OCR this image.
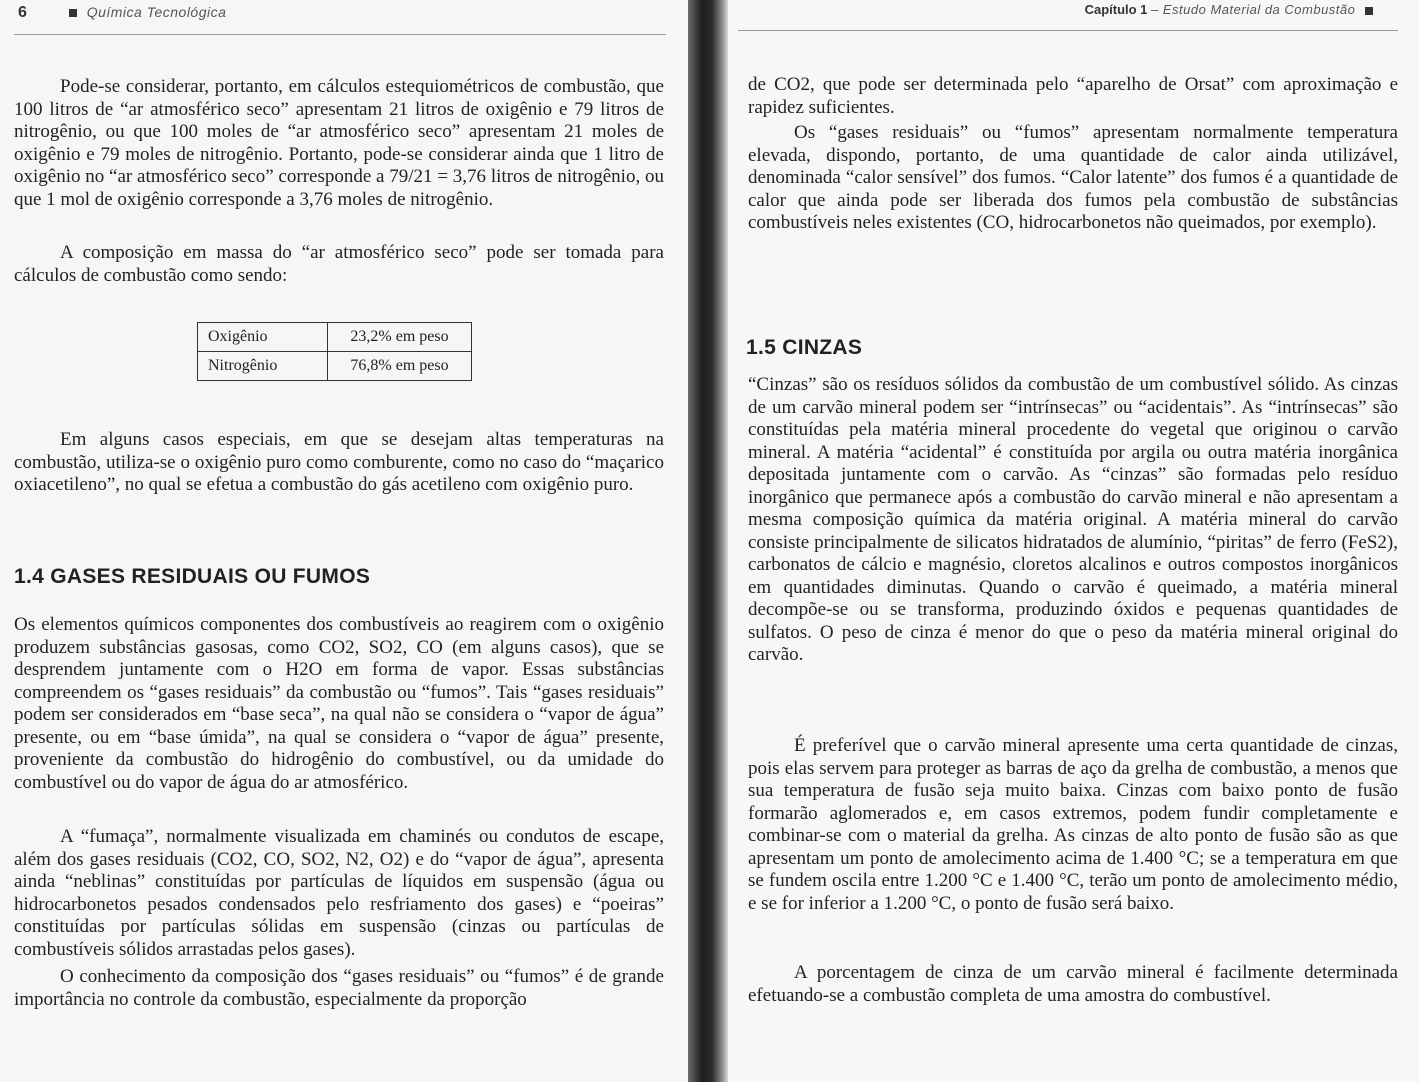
6	Química Tecnológica

Pode-se considerar, portanto, em cálculos estequiométricos de combustão, que 100 litros de “ar atmosférico seco” apresentam 21 litros de oxigênio e 79 litros de nitrogênio, ou que 100 moles de “ar atmosférico seco” apresentam 21 moles de oxigênio e 79 moles de nitrogênio. Portanto, pode-se considerar ainda que 1 litro de oxigênio no “ar atmosférico seco” corresponde a 79/21 = 3,76 litros de nitrogênio, ou que 1 mol de oxigênio corresponde a 3,76 moles de nitrogênio.

A composição em massa do “ar atmosférico seco” pode ser tomada para cálculos de combustão como sendo:

Oxigênio	23,2% em peso
Nitrogênio	76,8% em peso

Em alguns casos especiais, em que se desejam altas temperaturas na combustão, utiliza-se o oxigênio puro como comburente, como no caso do “maçarico oxiacetileno”, no qual se efetua a combustão do gás acetileno com oxigênio puro.

1.4 GASES RESIDUAIS OU FUMOS

Os elementos químicos componentes dos combustíveis ao reagirem com o oxigênio produzem substâncias gasosas, como CO2, SO2, CO (em alguns casos), que se desprendem juntamente com o H2O em forma de vapor. Essas substâncias compreendem os “gases residuais” da combustão ou “fumos”. Tais “gases residuais” podem ser considerados em “base seca”, na qual não se considera o “vapor de água” presente, ou em “base úmida”, na qual se considera o “vapor de água” presente, proveniente da combustão do hidrogênio do combustível, ou da umidade do combustível ou do vapor de água do ar atmosférico.

A “fumaça”, normalmente visualizada em chaminés ou condutos de escape, além dos gases residuais (CO2, CO, SO2, N2, O2) e do “vapor de água”, apresenta ainda “neblinas” constituídas por partículas de líquidos em suspensão (água ou hidrocarbonetos pesados condensados pelo resfriamento dos gases) e “poeiras” constituídas por partículas sólidas em suspensão (cinzas ou partículas de combustíveis sólidos arrastadas pelos gases).

O conhecimento da composição dos “gases residuais” ou “fumos” é de grande importância no controle da combustão, especialmente da proporção

Capítulo 1 – Estudo Material da Combustão

de CO2, que pode ser determinada pelo “aparelho de Orsat” com aproximação e rapidez suficientes.

Os “gases residuais” ou “fumos” apresentam normalmente temperatura elevada, dispondo, portanto, de uma quantidade de calor ainda utilizável, denominada “calor sensível” dos fumos. “Calor latente” dos fumos é a quantidade de calor que ainda pode ser liberada dos fumos pela combustão de substâncias combustíveis neles existentes (CO, hidrocarbonetos não queimados, por exemplo).

1.5 CINZAS

“Cinzas” são os resíduos sólidos da combustão de um combustível sólido. As cinzas de um carvão mineral podem ser “intrínsecas” ou “acidentais”. As “intrínsecas” são constituídas pela matéria mineral procedente do vegetal que originou o carvão mineral. A matéria “acidental” é constituída por argila ou outra matéria inorgânica depositada juntamente com o carvão. As “cinzas” são formadas pelo resíduo inorgânico que permanece após a combustão do carvão mineral e não apresentam a mesma composição química da matéria original. A matéria mineral do carvão consiste principalmente de silicatos hidratados de alumínio, “piritas” de ferro (FeS2), carbonatos de cálcio e magnésio, cloretos alcalinos e outros compostos inorgânicos em quantidades diminutas. Quando o carvão é queimado, a matéria mineral decompõe-se ou se transforma, produzindo óxidos e pequenas quantidades de sulfatos. O peso de cinza é menor do que o peso da matéria mineral original do carvão.

É preferível que o carvão mineral apresente uma certa quantidade de cinzas, pois elas servem para proteger as barras de aço da grelha de combustão, a menos que sua temperatura de fusão seja muito baixa. Cinzas com baixo ponto de fusão formarão aglomerados e, em casos extremos, podem fundir completamente e combinar-se com o material da grelha. As cinzas de alto ponto de fusão são as que apresentam um ponto de amolecimento acima de 1.400 °C; se a temperatura em que se fundem oscila entre 1.200 °C e 1.400 °C, terão um ponto de amolecimento médio, e se for inferior a 1.200 °C, o ponto de fusão será baixo.

A porcentagem de cinza de um carvão mineral é facilmente determinada efetuando-se a combustão completa de uma amostra do combustível.
